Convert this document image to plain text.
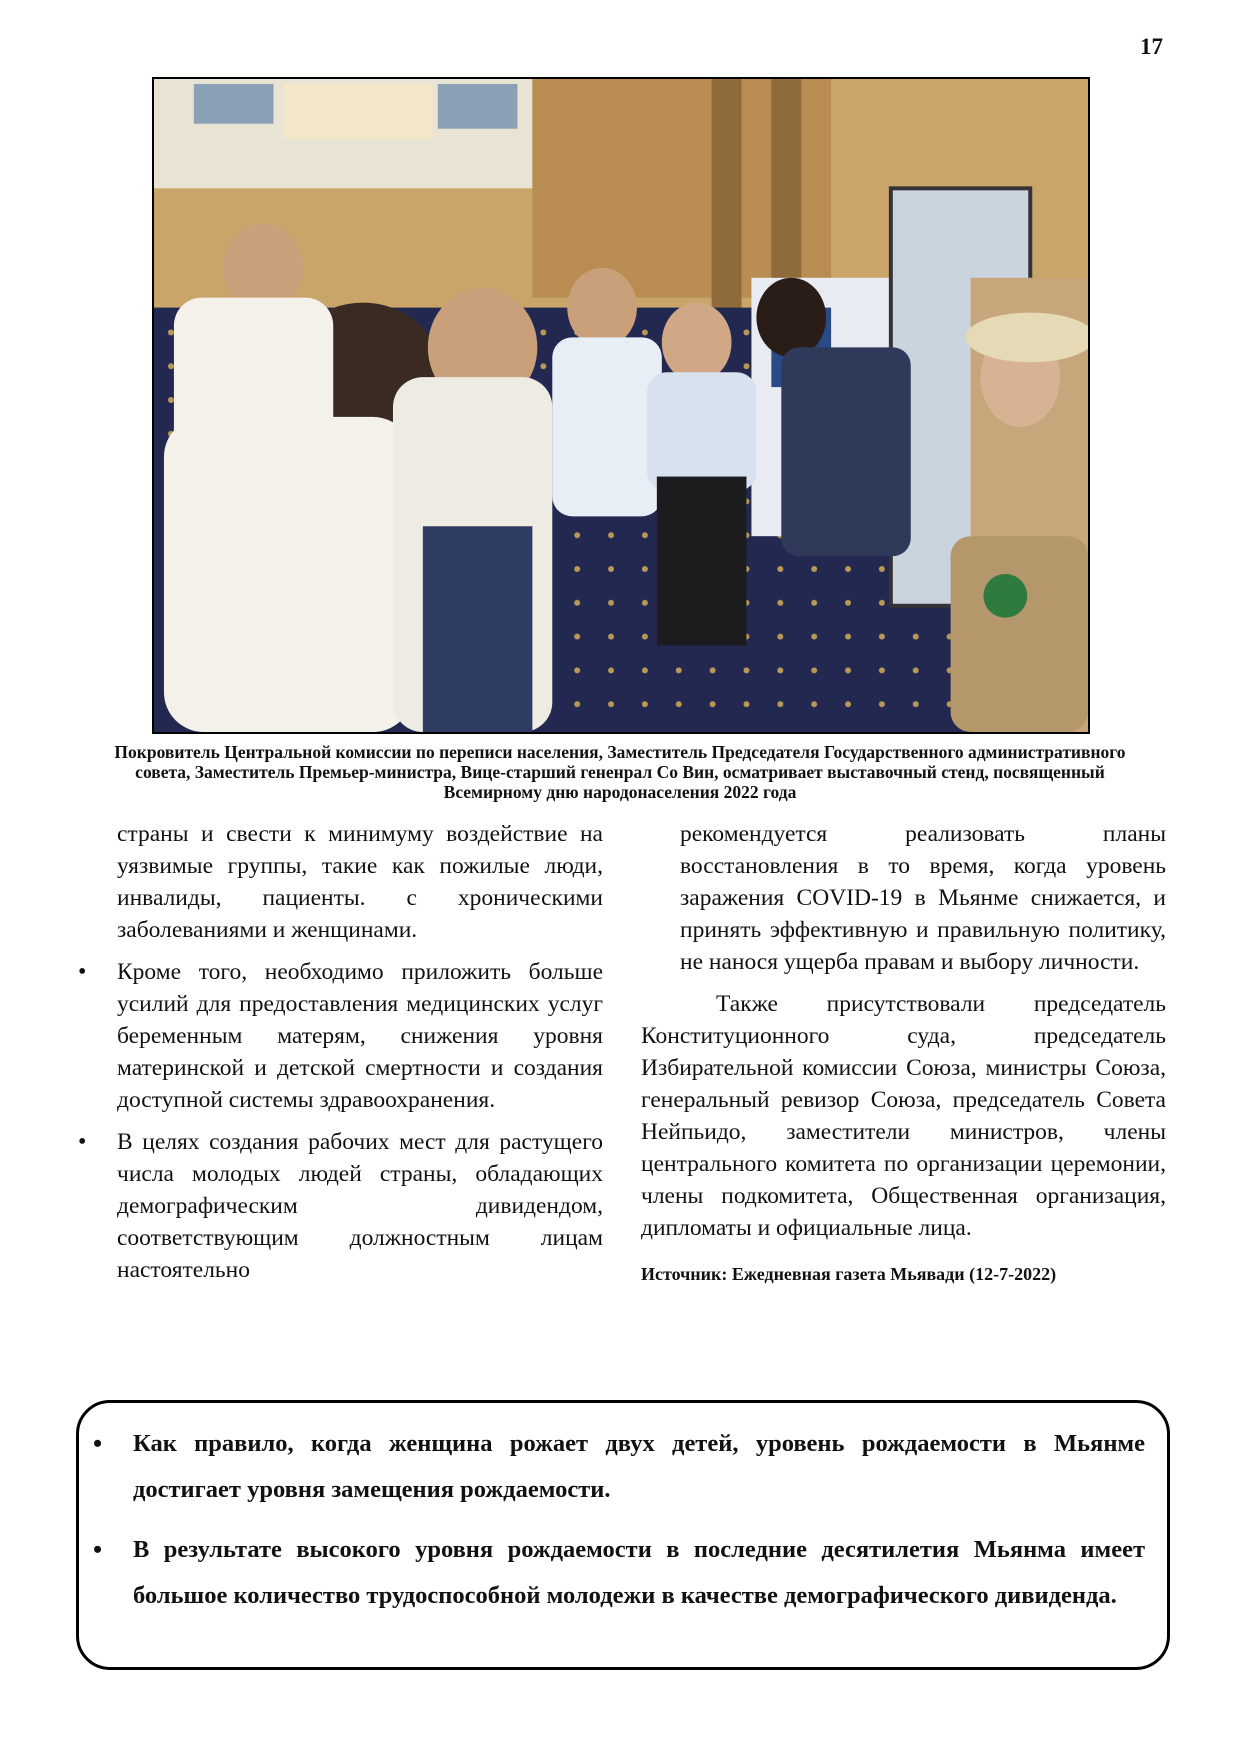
17
Покровитель Центральной комиссии по переписи населения, Заместитель Председателя Государственного административного совета, Заместитель Премьер-министра, Вице-старший гененрал Со Вин, осматривает выставочный стенд, посвященный Всемирному дню народонаселения 2022 года

страны и свести к минимуму воздействие на уязвимые группы, такие как пожилые люди, инвалиды, пациенты. с хроническими заболеваниями и женщинами.

• Кроме того, необходимо приложить больше усилий для предоставления медицинских услуг беременным матерям, снижения уровня материнской и детской смертности и создания доступной системы здравоохранения.
• В целях создания рабочих мест для растущего числа молодых людей страны, обладающих демографическим дивидендом, соответствующим должностным лицам настоятельно

рекомендуется реализовать планы восстановления в то время, когда уровень заражения COVID-19 в Мьянме снижается, и принять эффективную и правильную политику, не нанося ущерба правам и выбору личности.

Также присутствовали председатель Конституционного суда, председатель Избирательной комиссии Союза, министры Союза, генеральный ревизор Союза, председатель Совета Нейпьидо, заместители министров, члены центрального комитета по организации церемонии, члены подкомитета, Общественная организация, дипломаты и официальные лица.

Источник: Ежедневная газета Мьявади (12-7-2022)

• Как правило, когда женщина рожает двух детей, уровень рождаемости в Мьянме достигает уровня замещения рождаемости.
• В результате высокого уровня рождаемости в последние десятилетия Мьянма имеет большое количество трудоспособной молодежи в качестве демографического дивиденда.
